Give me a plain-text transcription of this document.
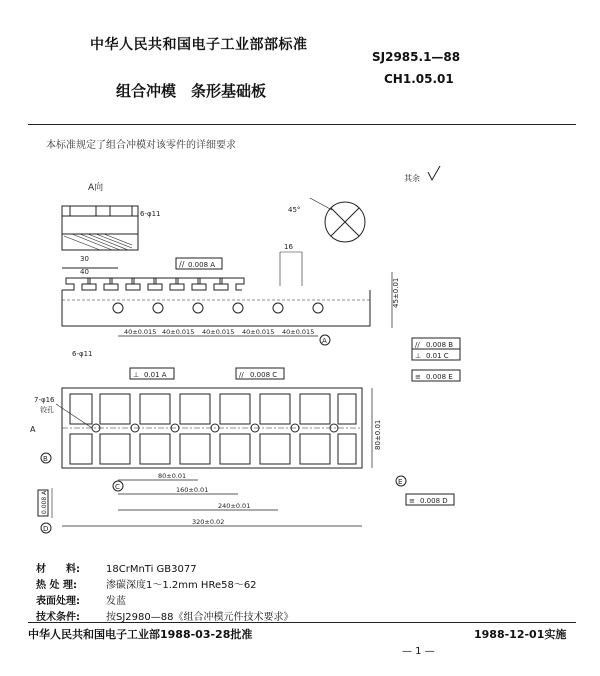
中华人民共和国电子工业部部标准
SJ2985.1—88
CH1.05.01
组合冲模　条形基础板
本标准规定了组合冲模对该零件的详细要求
其余
A向
6-φ11
40
30
45°
0.008 A
//
6-φ11
40±0.015 40±0.015 40±0.015 40±0.015 40±0.015
16
45±0.01
A	// 0.008 B
⊥ 0.01 C
≡ 0.008 E
⊥ 0.01 A	// 0.008 C
7-φ16
铰孔
A
B
C
E
D
80±0.01
≡ 0.008 D
80±0.01
160±0.01
240±0.01
320±0.02
0.008 A
材　　料:	18CrMnTi GB3077
热 处 理:	渗碳深度1～1.2mm HRe58～62
表面处理:	发蓝
技术条件:	按SJ2980—88《组合冲模元件技术要求》
中华人民共和国电子工业部1988-03-28批准	1988-12-01实施
— 1 —
